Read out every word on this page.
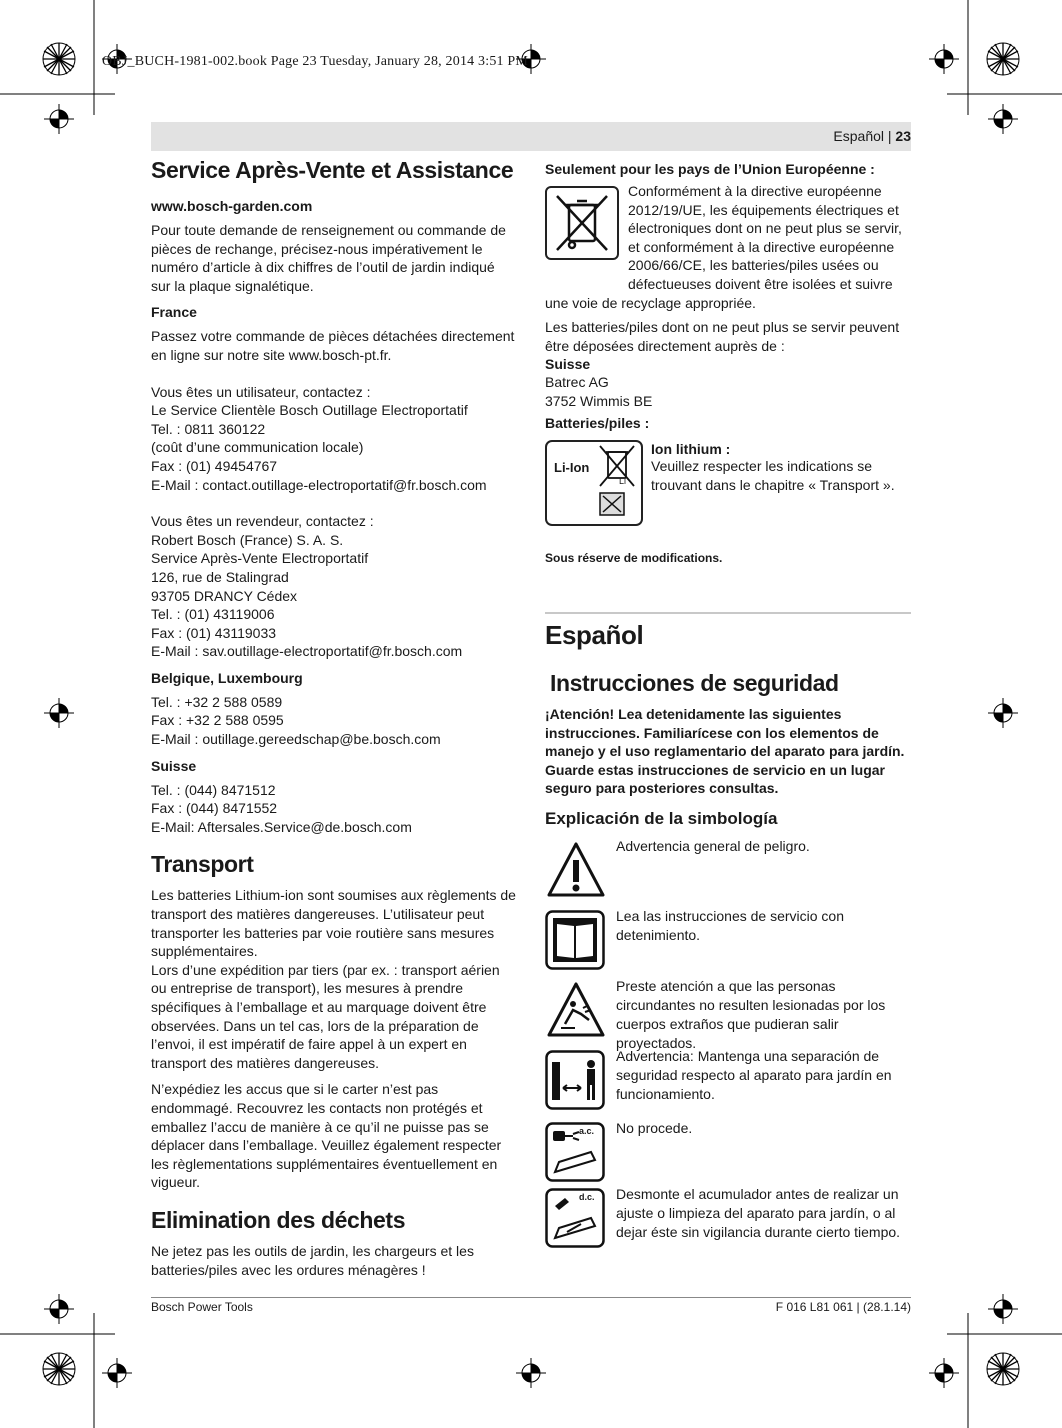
OBJ_BUCH-1981-002.book Page 23 Tuesday, January 28, 2014 3:51 PM
Español | 23
Service Après-Vente et Assistance
www.bosch-garden.com

Pour toute demande de renseignement ou commande de pièces de rechange, précisez-nous impérativement le numéro d’article à dix chiffres de l’outil de jardin indiqué sur la plaque signalétique.

France

Passez votre commande de pièces détachées directement en ligne sur notre site www.bosch-pt.fr.

Vous êtes un utilisateur, contactez :
Le Service Clientèle Bosch Outillage Electroportatif
Tel. : 0811 360122
(coût d’une communication locale)
Fax : (01) 49454767
E-Mail : contact.outillage-electroportatif@fr.bosch.com

Vous êtes un revendeur, contactez :
Robert Bosch (France) S. A. S.
Service Après-Vente Electroportatif
126, rue de Stalingrad
93705 DRANCY Cédex
Tel. : (01) 43119006
Fax : (01) 43119033
E-Mail : sav.outillage-electroportatif@fr.bosch.com

Belgique, Luxembourg

Tel. : +32 2 588 0589
Fax : +32 2 588 0595
E-Mail : outillage.gereedschap@be.bosch.com

Suisse

Tel. : (044) 8471512
Fax : (044) 8471552
E-Mail: Aftersales.Service@de.bosch.com

Transport

Les batteries Lithium-ion sont soumises aux règlements de transport des matières dangereuses. L’utilisateur peut transporter les batteries par voie routière sans mesures supplémentaires.
Lors d’une expédition par tiers (par ex. : transport aérien ou entreprise de transport), les mesures à prendre spécifiques à l’emballage et au marquage doivent être observées. Dans un tel cas, lors de la préparation de l’envoi, il est impératif de faire appel à un expert en transport des matières dangereuses.

N’expédiez les accus que si le carter n’est pas endommagé. Recouvrez les contacts non protégés et emballez l’accu de manière à ce qu’il ne puisse pas se déplacer dans l’emballage. Veuillez également respecter les règlementations supplémentaires éventuellement en vigueur.

Elimination des déchets

Ne jetez pas les outils de jardin, les chargeurs et les batteries/piles avec les ordures ménagères !

Seulement pour les pays de l’Union Européenne :
Conformément à la directive européenne 2012/19/UE, les équipements électriques et électroniques dont on ne peut plus se servir, et conformément à la directive européenne 2006/66/CE, les batteries/piles usées ou défectueuses doivent être isolées et suivre une voie de recyclage appropriée.

Les batteries/piles dont on ne peut plus se servir peuvent être déposées directement auprès de :

Suisse
Batrec AG
3752 Wimmis BE
Batteries/piles :
Li-Ion
Li
Ion lithium :
Veuillez respecter les indications se trouvant dans le chapitre « Transport ».
Sous réserve de modifications.
Español
Instrucciones de seguridad
¡Atención! Lea detenidamente las siguientes instrucciones. Familiarícese con los elementos de manejo y el uso reglamentario del aparato para jardín. Guarde estas instrucciones de servicio en un lugar seguro para posteriores consultas.
Explicación de la simbología
Advertencia general de peligro.
Lea las instrucciones de servicio con detenimiento.
Preste atención a que las personas circundantes no resulten lesionadas por los cuerpos extraños que pudieran salir proyectados.
Advertencia: Mantenga una separación de seguridad respecto al aparato para jardín en funcionamiento.
a.c. No procede.
d.c. Desmonte el acumulador antes de realizar un ajuste o limpieza del aparato para jardín, o al dejar éste sin vigilancia durante cierto tiempo.
Bosch Power Tools	F 016 L81 061 | (28.1.14)
